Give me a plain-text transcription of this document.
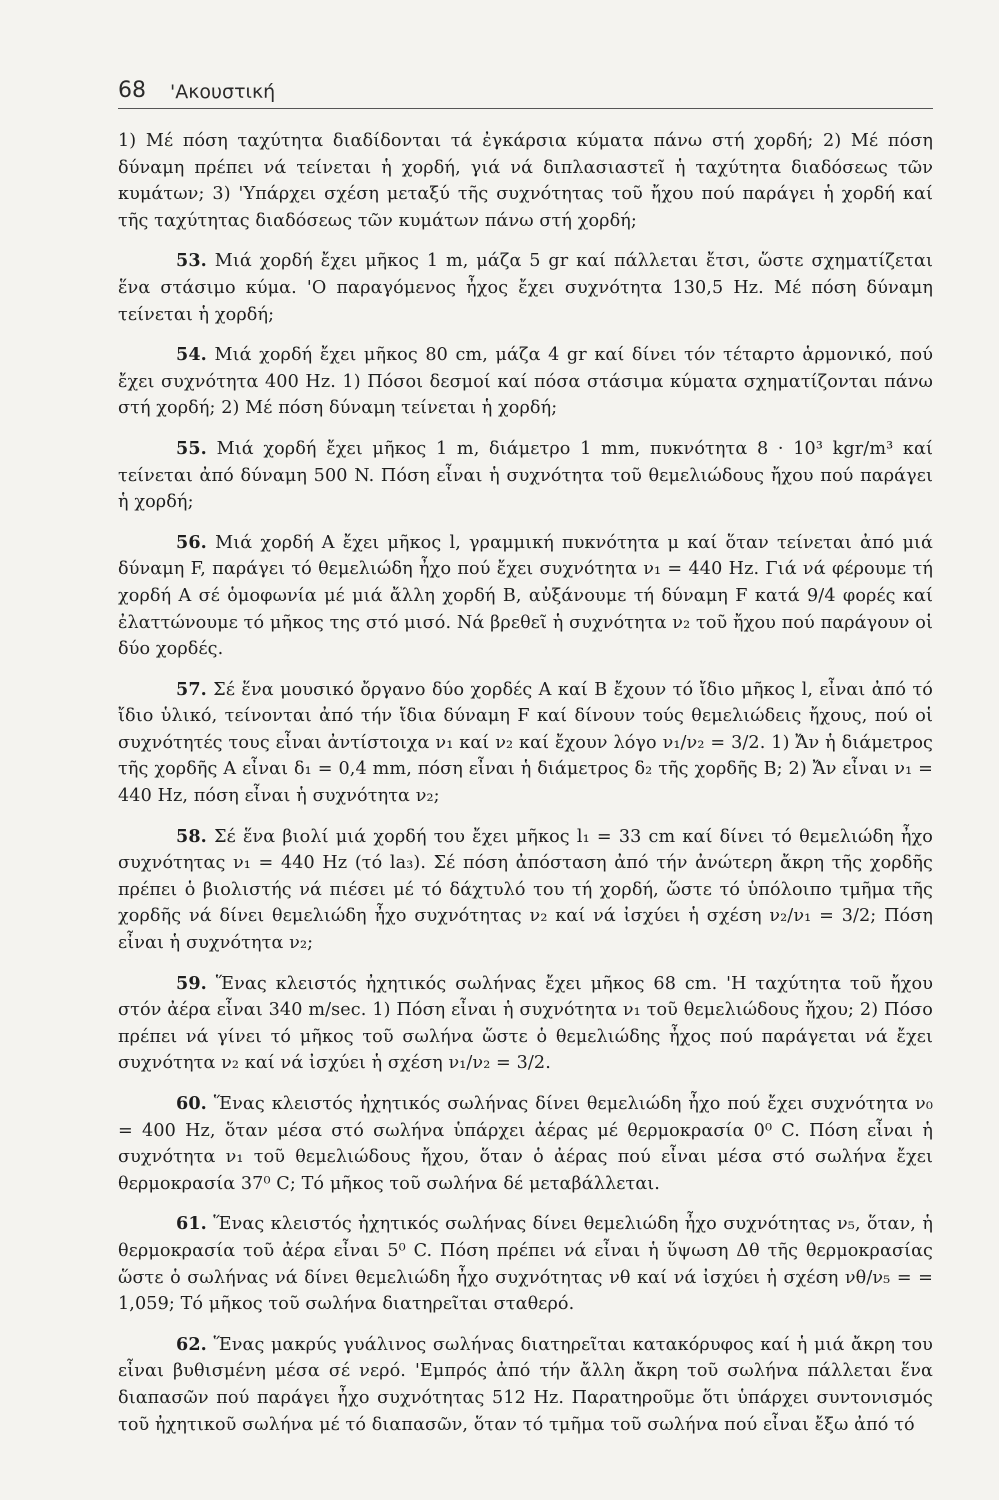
68 'Ακουστική

1) Μέ πόση ταχύτητα διαδίδονται τά ἐγκάρσια κύματα πάνω στή χορδή; 2) Μέ πόση δύναμη πρέπει νά τείνεται ἡ χορδή, γιά νά διπλασιαστεῖ ἡ ταχύτητα διαδόσεως τῶν κυμάτων; 3) 'Υπάρχει σχέση μεταξύ τῆς συχνότητας τοῦ ἤχου πού παράγει ἡ χορδή καί τῆς ταχύτητας διαδόσεως τῶν κυμάτων πάνω στή χορδή;

53. Μιά χορδή ἔχει μῆκος 1 m, μάζα 5 gr καί πάλλεται ἔτσι, ὥστε σχηματίζεται ἕνα στάσιμο κύμα. 'Ο παραγόμενος ἦχος ἔχει συχνότητα 130,5 Hz. Μέ πόση δύναμη τείνεται ἡ χορδή;

54. Μιά χορδή ἔχει μῆκος 80 cm, μάζα 4 gr καί δίνει τόν τέταρτο ἁρμονικό, πού ἔχει συχνότητα 400 Hz. 1) Πόσοι δεσμοί καί πόσα στάσιμα κύματα σχηματίζονται πάνω στή χορδή; 2) Μέ πόση δύναμη τείνεται ἡ χορδή;

55. Μιά χορδή ἔχει μῆκος 1 m, διάμετρο 1 mm, πυκνότητα 8 · 10³ kgr/m³ καί τείνεται ἀπό δύναμη 500 N. Πόση εἶναι ἡ συχνότητα τοῦ θεμελιώδους ἤχου πού παράγει ἡ χορδή;

56. Μιά χορδή A ἔχει μῆκος l, γραμμική πυκνότητα μ καί ὅταν τείνεται ἀπό μιά δύναμη F, παράγει τό θεμελιώδη ἦχο πού ἔχει συχνότητα ν₁ = 440 Hz. Γιά νά φέρουμε τή χορδή A σέ ὁμοφωνία μέ μιά ἄλλη χορδή B, αὐξάνουμε τή δύναμη F κατά 9/4 φορές καί ἐλαττώνουμε τό μῆκος της στό μισό. Νά βρεθεῖ ἡ συχνότητα ν₂ τοῦ ἤχου πού παράγουν οἱ δύο χορδές.

57. Σέ ἕνα μουσικό ὄργανο δύο χορδές A καί B ἔχουν τό ἴδιο μῆκος l, εἶναι ἀπό τό ἴδιο ὑλικό, τείνονται ἀπό τήν ἴδια δύναμη F καί δίνουν τούς θεμελιώδεις ἤχους, πού οἱ συχνότητές τους εἶναι ἀντίστοιχα ν₁ καί ν₂ καί ἔχουν λόγο ν₁/ν₂ = 3/2. 1) Ἄν ἡ διάμετρος τῆς χορδῆς A εἶναι δ₁ = 0,4 mm, πόση εἶναι ἡ διάμετρος δ₂ τῆς χορδῆς B; 2) Ἄν εἶναι ν₁ = 440 Hz, πόση εἶναι ἡ συχνότητα ν₂;

58. Σέ ἕνα βιολί μιά χορδή του ἔχει μῆκος l₁ = 33 cm καί δίνει τό θεμελιώδη ἦχο συχνότητας ν₁ = 440 Hz (τό la₃). Σέ πόση ἀπόσταση ἀπό τήν ἀνώτερη ἄκρη τῆς χορδῆς πρέπει ὁ βιολιστής νά πιέσει μέ τό δάχτυλό του τή χορδή, ὥστε τό ὑπόλοιπο τμῆμα τῆς χορδῆς νά δίνει θεμελιώδη ἦχο συχνότητας ν₂ καί νά ἰσχύει ἡ σχέση ν₂/ν₁ = 3/2; Πόση εἶναι ἡ συχνότητα ν₂;

59. Ἕνας κλειστός ἠχητικός σωλήνας ἔχει μῆκος 68 cm. 'Η ταχύτητα τοῦ ἤχου στόν ἀέρα εἶναι 340 m/sec. 1) Πόση εἶναι ἡ συχνότητα ν₁ τοῦ θεμελιώδους ἤχου; 2) Πόσο πρέπει νά γίνει τό μῆκος τοῦ σωλήνα ὥστε ὁ θεμελιώδης ἦχος πού παράγεται νά ἔχει συχνότητα ν₂ καί νά ἰσχύει ἡ σχέση ν₁/ν₂ = 3/2.

60. Ἕνας κλειστός ἠχητικός σωλήνας δίνει θεμελιώδη ἦχο πού ἔχει συχνότητα ν₀ = 400 Hz, ὅταν μέσα στό σωλήνα ὑπάρχει ἀέρας μέ θερμοκρασία 0⁰ C. Πόση εἶναι ἡ συχνότητα ν₁ τοῦ θεμελιώδους ἤχου, ὅταν ὁ ἀέρας πού εἶναι μέσα στό σωλήνα ἔχει θερμοκρασία 37⁰ C; Τό μῆκος τοῦ σωλήνα δέ μεταβάλλεται.

61. Ἕνας κλειστός ἠχητικός σωλήνας δίνει θεμελιώδη ἦχο συχνότητας ν₅, ὅταν, ἡ θερμοκρασία τοῦ ἀέρα εἶναι 5⁰ C. Πόση πρέπει νά εἶναι ἡ ὕψωση Δθ τῆς θερμοκρασίας ὥστε ὁ σωλήνας νά δίνει θεμελιώδη ἦχο συχνότητας νθ καί νά ἰσχύει ἡ σχέση νθ/ν₅ = = 1,059; Τό μῆκος τοῦ σωλήνα διατηρεῖται σταθερό.

62. Ἕνας μακρύς γυάλινος σωλήνας διατηρεῖται κατακόρυφος καί ἡ μιά ἄκρη του εἶναι βυθισμένη μέσα σέ νερό. 'Εμπρός ἀπό τήν ἄλλη ἄκρη τοῦ σωλήνα πάλλεται ἕνα διαπασῶν πού παράγει ἦχο συχνότητας 512 Hz. Παρατηροῦμε ὅτι ὑπάρχει συντονισμός τοῦ ἠχητικοῦ σωλήνα μέ τό διαπασῶν, ὅταν τό τμῆμα τοῦ σωλήνα πού εἶναι ἔξω ἀπό τό
